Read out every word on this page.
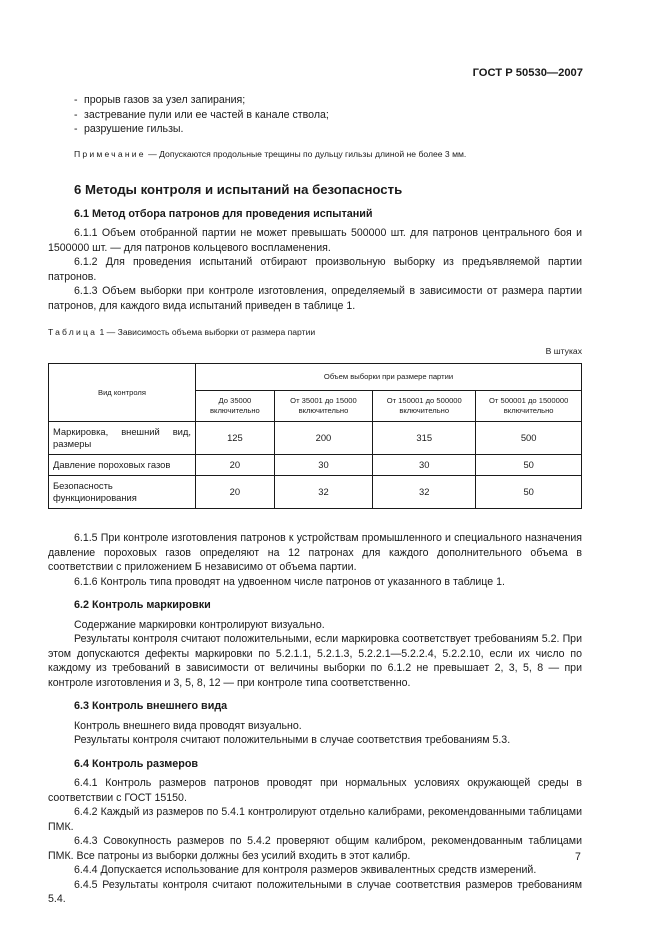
ГОСТ Р 50530—2007
- прорыв газов за узел запирания;
- застревание пули или ее частей в канале ствола;
- разрушение гильзы.
Примечание — Допускаются продольные трещины по дульцу гильзы длиной не более 3 мм.
6 Методы контроля и испытаний на безопасность
6.1 Метод отбора патронов для проведения испытаний
6.1.1 Объем отобранной партии не может превышать 500000 шт. для патронов центрального боя и 1500000 шт. — для патронов кольцевого воспламенения.
6.1.2 Для проведения испытаний отбирают произвольную выборку из предъявляемой партии патронов.
6.1.3 Объем выборки при контроле изготовления, определяемый в зависимости от размера партии патронов, для каждого вида испытаний приведен в таблице 1.
Таблица 1 — Зависимость объема выборки от размера партии
В штуках
Вид контроля	Объем выборки при размере партии			
	До 35000 включительно	От 35001 до 15000 включительно	От 150001 до 500000 включительно	От 500001 до 1500000 включительно
Маркировка, внешний вид, размеры	125	200	315	500
Давление пороховых газов	20	30	30	50
Безопасность функционирования	20	32	32	50
6.1.5 При контроле изготовления патронов к устройствам промышленного и специального назначения давление пороховых газов определяют на 12 патронах для каждого дополнительного объема в соответствии с приложением Б независимо от объема партии.
6.1.6 Контроль типа проводят на удвоенном числе патронов от указанного в таблице 1.
6.2 Контроль маркировки
Содержание маркировки контролируют визуально.
Результаты контроля считают положительными, если маркировка соответствует требованиям 5.2. При этом допускаются дефекты маркировки по 5.2.1.1, 5.2.1.3, 5.2.2.1—5.2.2.4, 5.2.2.10, если их число по каждому из требований в зависимости от величины выборки по 6.1.2 не превышает 2, 3, 5, 8 — при контроле изготовления и 3, 5, 8, 12 — при контроле типа соответственно.
6.3 Контроль внешнего вида
Контроль внешнего вида проводят визуально.
Результаты контроля считают положительными в случае соответствия требованиям 5.3.
6.4 Контроль размеров
6.4.1 Контроль размеров патронов проводят при нормальных условиях окружающей среды в соответствии с ГОСТ 15150.
6.4.2 Каждый из размеров по 5.4.1 контролируют отдельно калибрами, рекомендованными таблицами ПМК.
6.4.3 Совокупность размеров по 5.4.2 проверяют общим калибром, рекомендованным таблицами ПМК. Все патроны из выборки должны без усилий входить в этот калибр.
6.4.4 Допускается использование для контроля размеров эквивалентных средств измерений.
6.4.5 Результаты контроля считают положительными в случае соответствия размеров требованиям 5.4.
7
